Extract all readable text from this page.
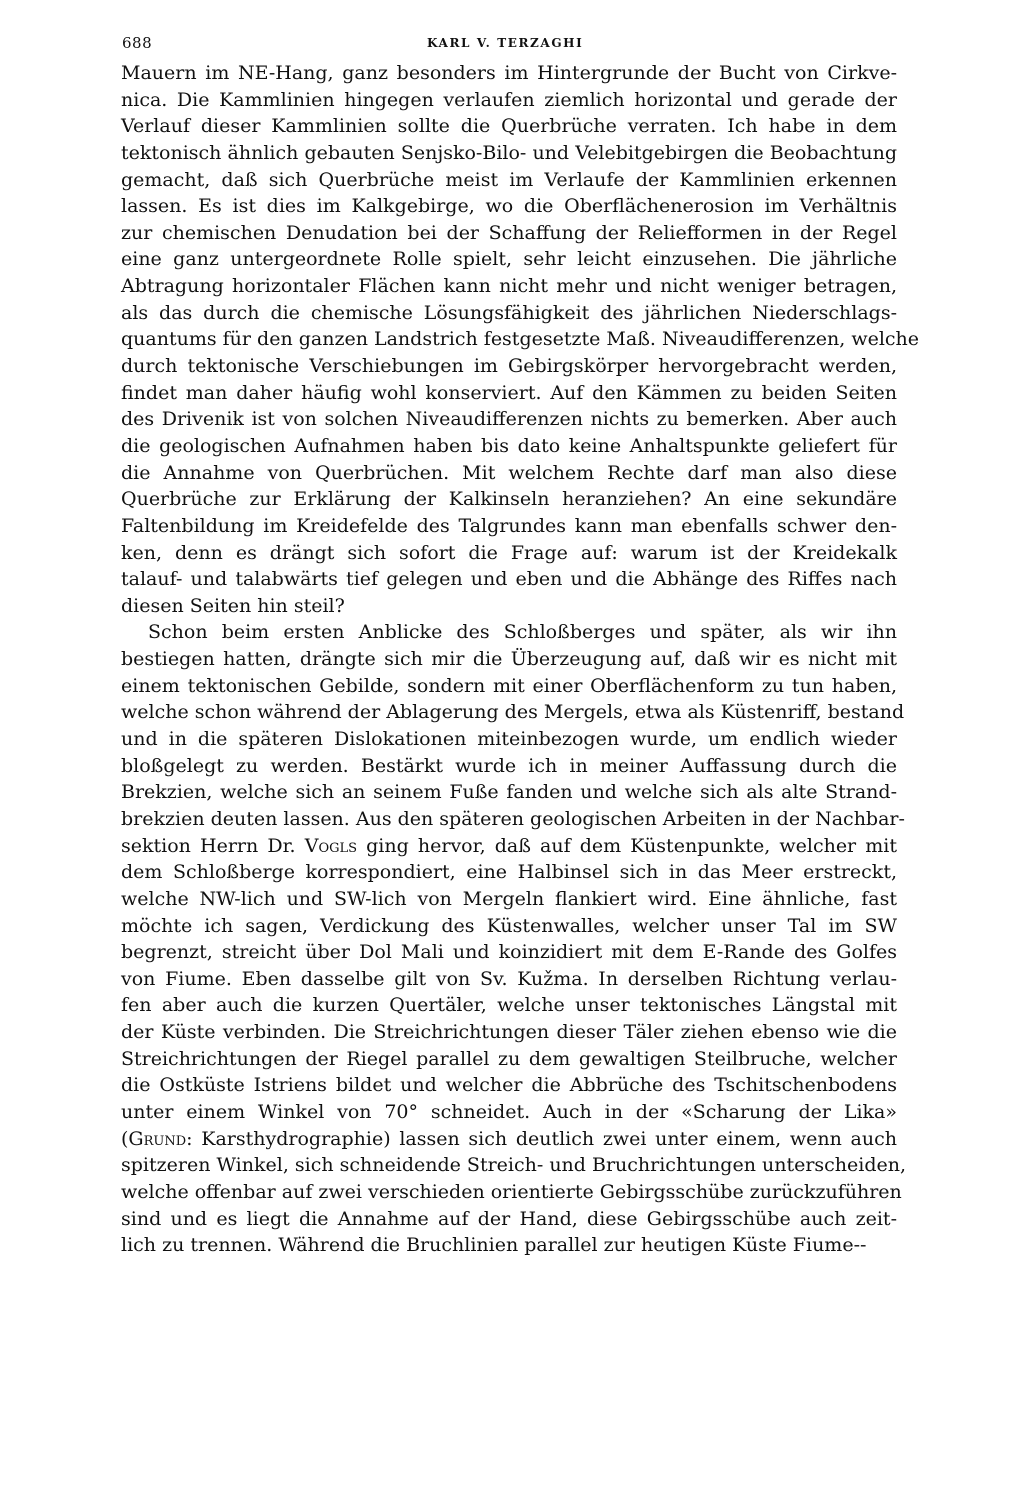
688	KARL V. TERZAGHI
Mauern im NE-Hang, ganz besonders im Hintergrunde der Bucht von Cirkve-
nica. Die Kammlinien hingegen verlaufen ziemlich horizontal und gerade der
Verlauf dieser Kammlinien sollte die Querbrüche verraten. Ich habe in dem
tektonisch ähnlich gebauten Senjsko-Bilo- und Velebitgebirgen die Beobachtung
gemacht, daß sich Querbrüche meist im Verlaufe der Kammlinien erkennen
lassen. Es ist dies im Kalkgebirge, wo die Oberflächenerosion im Verhältnis
zur chemischen Denudation bei der Schaffung der Reliefformen in der Regel
eine ganz untergeordnete Rolle spielt, sehr leicht einzusehen. Die jährliche
Abtragung horizontaler Flächen kann nicht mehr und nicht weniger betragen,
als das durch die chemische Lösungsfähigkeit des jährlichen Niederschlags-
quantums für den ganzen Landstrich festgesetzte Maß. Niveaudifferenzen, welche
durch tektonische Verschiebungen im Gebirgskörper hervorgebracht werden,
findet man daher häufig wohl konserviert. Auf den Kämmen zu beiden Seiten
des Drivenik ist von solchen Niveaudifferenzen nichts zu bemerken. Aber auch
die geologischen Aufnahmen haben bis dato keine Anhaltspunkte geliefert für
die Annahme von Querbrüchen. Mit welchem Rechte darf man also diese
Querbrüche zur Erklärung der Kalkinseln heranziehen? An eine sekundäre
Faltenbildung im Kreidefelde des Talgrundes kann man ebenfalls schwer den-
ken, denn es drängt sich sofort die Frage auf: warum ist der Kreidekalk
talauf- und talabwärts tief gelegen und eben und die Abhänge des Riffes nach
diesen Seiten hin steil?
Schon beim ersten Anblicke des Schloßberges und später, als wir ihn
bestiegen hatten, drängte sich mir die Überzeugung auf, daß wir es nicht mit
einem tektonischen Gebilde, sondern mit einer Oberflächenform zu tun haben,
welche schon während der Ablagerung des Mergels, etwa als Küstenriff, bestand
und in die späteren Dislokationen miteinbezogen wurde, um endlich wieder
bloßgelegt zu werden. Bestärkt wurde ich in meiner Auffassung durch die
Brekzien, welche sich an seinem Fuße fanden und welche sich als alte Strand-
brekzien deuten lassen. Aus den späteren geologischen Arbeiten in der Nachbar-
sektion Herrn Dr. Vogls ging hervor, daß auf dem Küstenpunkte, welcher mit
dem Schloßberge korrespondiert, eine Halbinsel sich in das Meer erstreckt,
welche NW-lich und SW-lich von Mergeln flankiert wird. Eine ähnliche, fast
möchte ich sagen, Verdickung des Küstenwalles, welcher unser Tal im SW
begrenzt, streicht über Dol Mali und koinzidiert mit dem E-Rande des Golfes
von Fiume. Eben dasselbe gilt von Sv. Kužma. In derselben Richtung verlau-
fen aber auch die kurzen Quertäler, welche unser tektonisches Längstal mit
der Küste verbinden. Die Streichrichtungen dieser Täler ziehen ebenso wie die
Streichrichtungen der Riegel parallel zu dem gewaltigen Steilbruche, welcher
die Ostküste Istriens bildet und welcher die Abbrüche des Tschitschenbodens
unter einem Winkel von 70° schneidet. Auch in der «Scharung der Lika»
(Grund: Karsthydrographie) lassen sich deutlich zwei unter einem, wenn auch
spitzeren Winkel, sich schneidende Streich- und Bruchrichtungen unterscheiden,
welche offenbar auf zwei verschieden orientierte Gebirgsschübe zurückzuführen
sind und es liegt die Annahme auf der Hand, diese Gebirgsschübe auch zeit-
lich zu trennen. Während die Bruchlinien parallel zur heutigen Küste Fiume--
